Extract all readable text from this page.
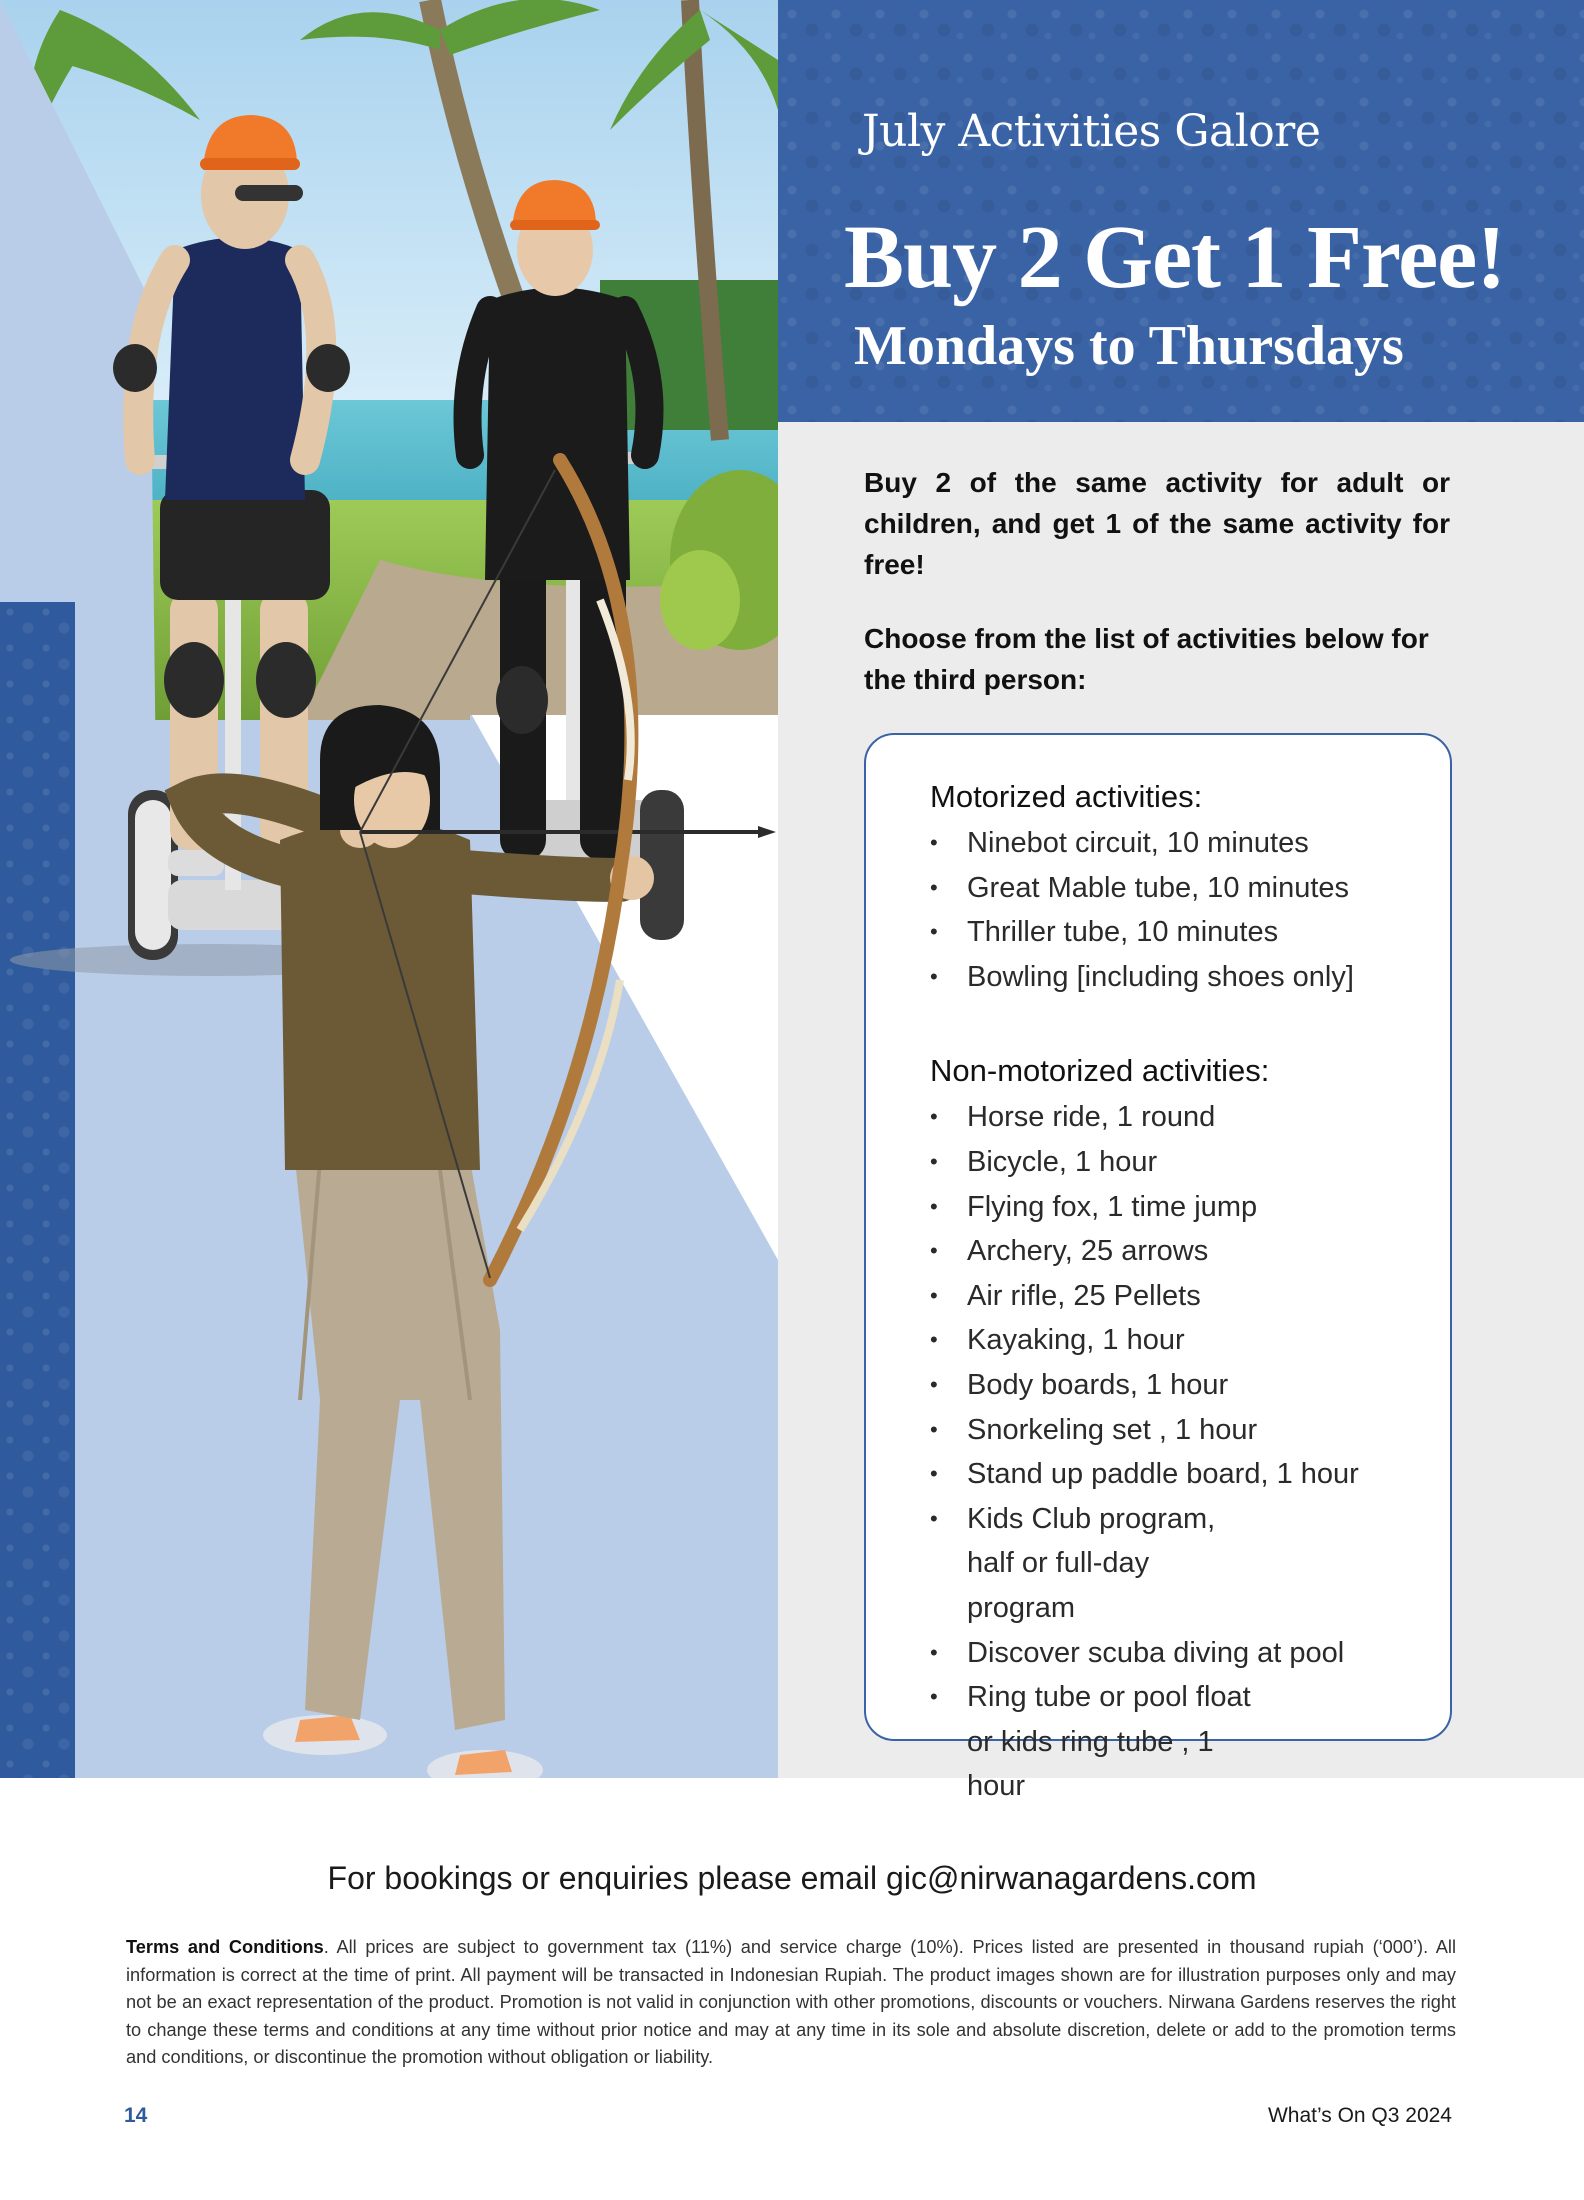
July Activities Galore
Buy 2 Get 1 Free!
Mondays to Thursdays

Buy 2 of the same activity for adult or children, and get 1 of the same activity for free!

Choose from the list of activities below for the third person:

Motorized activities:
• Ninebot circuit, 10 minutes
• Great Mable tube, 10 minutes
• Thriller tube, 10 minutes
• Bowling [including shoes only]
Non-motorized activities:
• Horse ride, 1 round
• Bicycle, 1 hour
• Flying fox, 1 time jump
• Archery, 25 arrows
• Air rifle, 25 Pellets
• Kayaking, 1 hour
• Body boards, 1 hour
• Snorkeling set , 1 hour
• Stand up paddle board, 1 hour
• Kids Club program, half or full-day program
• Discover scuba diving at pool
• Ring tube or pool float or kids ring tube , 1 hour
For bookings or enquiries please email gic@nirwanagardens.com
Terms and Conditions. All prices are subject to government tax (11%) and service charge (10%). Prices listed are presented in thousand rupiah (‘000’). All information is correct at the time of print. All payment will be transacted in Indonesian Rupiah. The product images shown are for illustration purposes only and may not be an exact representation of the product. Promotion is not valid in conjunction with other promotions, discounts or vouchers. Nirwana Gardens reserves the right to change these terms and conditions at any time without prior notice and may at any time in its sole and absolute discretion, delete or add to the promotion terms and conditions, or discontinue the promotion without obligation or liability.
14	What’s On Q3 2024
